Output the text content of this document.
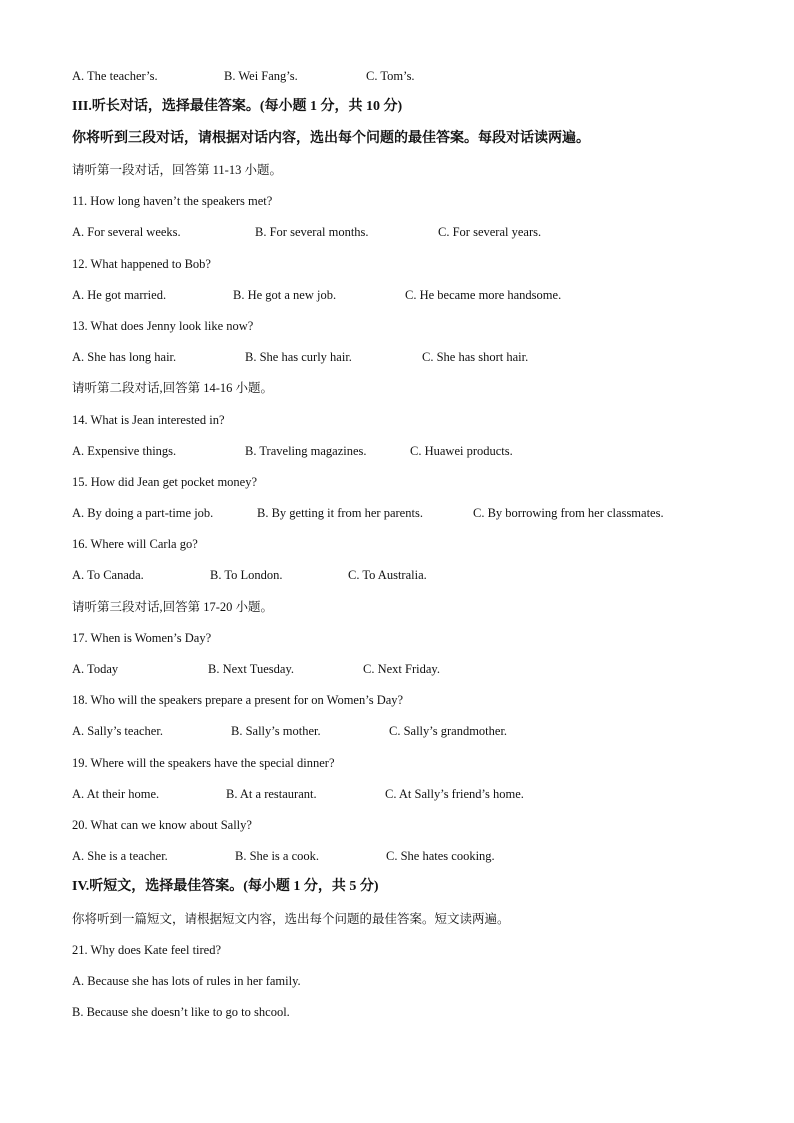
A. The teacher’s.	B. Wei Fang’s.	C. Tom’s.
III.听长对话，选择最佳答案。(每小题 1 分，共 10 分)
你将听到三段对话，请根据对话内容，选出每个问题的最佳答案。每段对话读两遍。
请听第一段对话，回答第 11-13 小题。
11. How long haven’t the speakers met?
A. For several weeks.	B. For several months.	C. For several years.
12. What happened to Bob?
A. He got married.	B. He got a new job.	C. He became more handsome.
13. What does Jenny look like now?
A. She has long hair.	B. She has curly hair.	C. She has short hair.
请听第二段对话,回答第 14-16 小题。
14. What is Jean interested in?
A. Expensive things.	B. Traveling magazines.	C. Huawei products.
15. How did Jean get pocket money?
A. By doing a part-time job.	B. By getting it from her parents.	C. By borrowing from her classmates.
16. Where will Carla go?
A. To Canada.	B. To London.	C. To Australia.
请听第三段对话,回答第 17-20 小题。
17. When is Women’s Day?
A. Today	B. Next Tuesday.	C. Next Friday.
18. Who will the speakers prepare a present for on Women’s Day?
A. Sally’s teacher.	B. Sally’s mother.	C. Sally’s grandmother.
19. Where will the speakers have the special dinner?
A. At their home.	B. At a restaurant.	C. At Sally’s friend’s home.
20. What can we know about Sally?
A. She is a teacher.	B. She is a cook.	C. She hates cooking.
IV.听短文，选择最佳答案。(每小题 1 分，共 5 分)
你将听到一篇短文，请根据短文内容，选出每个问题的最佳答案。短文读两遍。
21. Why does Kate feel tired?
A. Because she has lots of rules in her family.
B. Because she doesn’t like to go to shcool.
